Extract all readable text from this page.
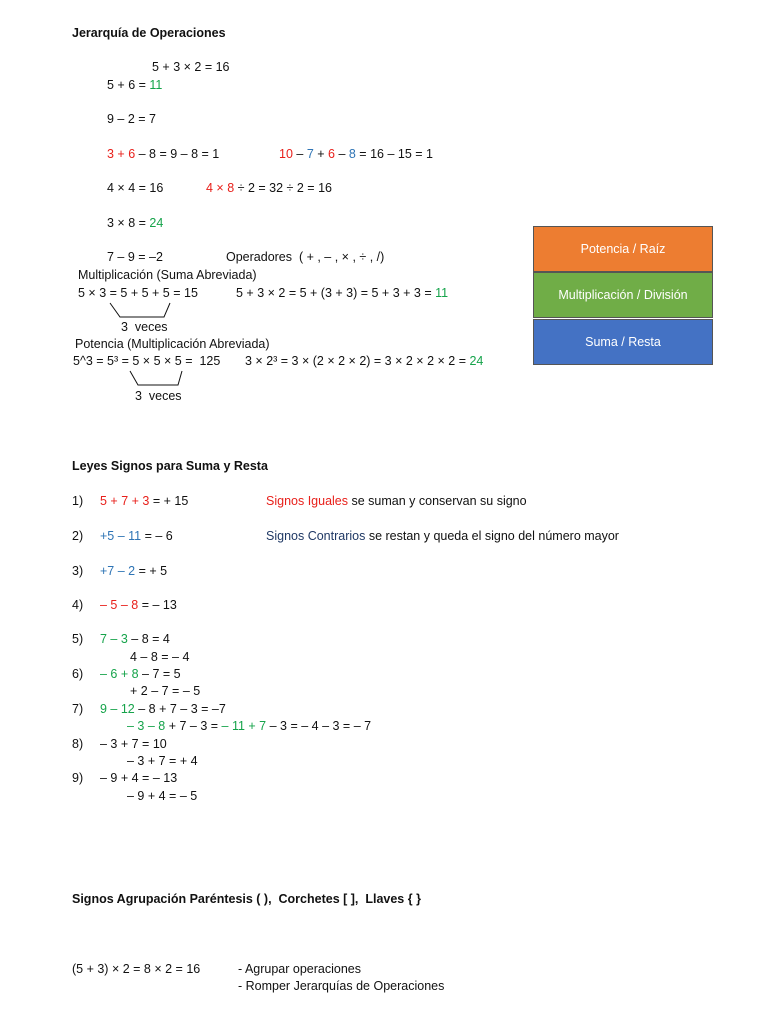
Jerarquía de Operaciones
5 + 3 × 2 = 16
5 + 6 = 11
9 – 2 = 7
3 + 6 – 8 = 9 – 8 = 1	10 – 7 + 6 – 8 = 16 – 15 = 1
4 × 4 = 16	4 × 8 ÷ 2 = 32 ÷ 2 = 16
3 × 8 = 24
7 – 9 = –2	Operadores  ( + , – , × , ÷ , /)
Multiplicación (Suma Abreviada)
5 × 3 = 5 + 5 + 5 = 15	5 + 3 × 2 = 5 + (3 + 3) = 5 + 3 + 3 = 11
3  veces
Potencia (Multiplicación Abreviada)
5^3 = 5³ = 5 × 5 × 5 =  125 3 × 2³ = 3 × (2 × 2 × 2) = 3 × 2 × 2 × 2 = 24
3  veces
Potencia / Raíz
Multiplicación / División
Suma / Resta
Leyes Signos para Suma y Resta
1) 5 + 7 + 3 = + 15	Signos Iguales se suman y conservan su signo
2) +5 – 11 = – 6	Signos Contrarios se restan y queda el signo del número mayor
3) +7 – 2 = + 5
4) – 5 – 8 = – 13
5) 7 – 3 – 8 = 4
4 – 8 = – 4
6) – 6 + 8 – 7 = 5
+ 2 – 7 = – 5
7) 9 – 12 – 8 + 7 – 3 = –7
– 3 – 8 + 7 – 3 = – 11 + 7 – 3 = – 4 – 3 = – 7
8) – 3 + 7 = 10
– 3 + 7 = + 4
9) – 9 + 4 = – 13
– 9 + 4 = – 5
Signos Agrupación Paréntesis ( ),  Corchetes [ ],  Llaves { }
(5 + 3) × 2 = 8 × 2 = 16	- Agrupar operaciones
- Romper Jerarquías de Operaciones
